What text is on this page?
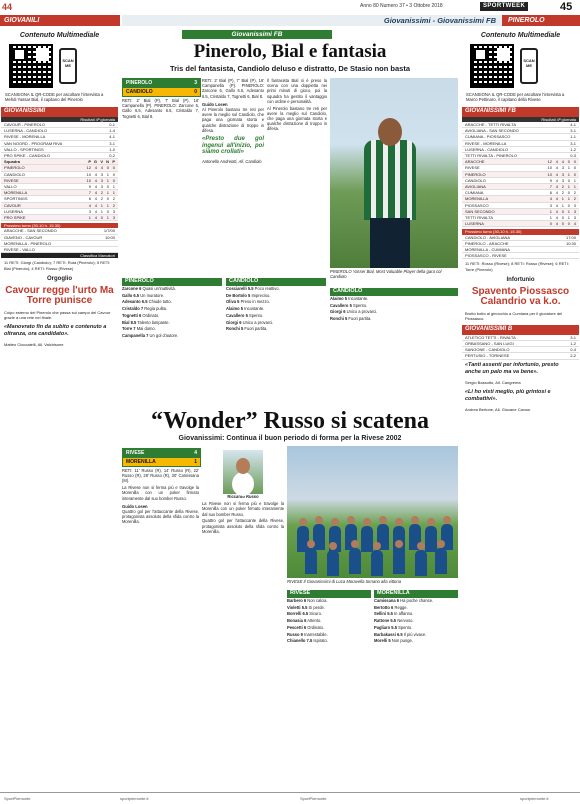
44	Anno 80 Numero 37 • 3 Ottobre 2018	SPORTWEEK	45
GIOVANILI	Giovanissimi - Giovanissimi FB PINEROLO
Contenuto Multimediale
SCAN ME
SCANSIONA IL QR-CODE per ascoltare l'intervista a Mehdi Yassar Bial, il capitano del Pinerolo
GIOVANISSIMI
Risultati 4ª giornata
CAVOUR - PINEROLO	0-1
LUSERNA - CANDIOLO	1-4
RIVESE - MORENILLA	4-1
VAN NOORD - PROGRAM RIVA	3-1
VALLO - SPORTINGS	1-0
PRO SPIKE - CANDIOLO	0-2
Squadra	P G V N P
PINEROLO	12 4 4 0 0
CANDIOLO	10 4 3 1 0
RIVESE	10 4 3 1 0
VALLO	9 4 3 0 1
MORENILLA	7 4 2 1 1
SPORTINGS	6 4 2 0 2
CAVOUR	4 4 1 1 2
LUSERNA	3 4 1 0 3
PRO SPIKE	1 4 0 1 3
Prossimo turno (30-10 h. 15.30)
ARACCHE - SAN SECONDO	1/7/00
GIAVENO - CAVOUR	10:00
MORENILLA - PINEROLO
RIVESE - VALLO
Classifica Marcatori
11 RETI: Giorgi (Candiolo); 7 RETI: Ruta (Pinerolo); 5 RETI: Bial (Pinerolo); 4 RETI: Rosso (Rivese)
Orgoglio
Cavour regge l'urto Ma Torre punisce
Colpo esterno del Pinerolo che passa sul campo del Cavour grazie a una rete nel finale.
«Manovrato fin da subito e contenuto a oltranza, ora candidato».
Matteo Cioccatelli, All. Valchisone
Giovanissimi FB
Pinerolo, Bial e fantasia
Tris del fantasista, Candiolo deluso e distratto, De Stasio non basta
PINEROLO	3
CANDIOLO	0

RETI: 2' Bial (P), 7' Bial (P), 16' Campanella (P). PINEROLO: Zarcone 6, Gallo 6.5, Adesanto 6.5, Cristaldo 7, Tognetti 6, Bial 8.

RETI: 2' Bial (P), 7' Bial (P), 16' Campanella (P). PINEROLO: Zarcone 6, Gallo 6.5, Adesanto 6.5, Cristaldo 7, Tognetti 6, Bial 8.

Guido Losen

Al Pinerolo bastano tre reti per avere la meglio sul Candiolo, che paga una giornata storta e qualche distrazione di troppo in difesa.

«Presto due gol ingenui all'inizio, poi siamo crollati»

Antonello Andreotti, All. Candiolo

Il fantasista Bial si è preso la scena con una doppietta nei primi minuti di gioco, poi la squadra ha gestito il vantaggio con ordine e personalità.

Al Pinerolo bastano tre reti per avere la meglio sul Candiolo, che paga una giornata storta e qualche distrazione di troppo in difesa.

PINEROLO Yasser Bial, Most Valuable Player della gara col Candiolo
PINEROLO

Zarcone 6 Quasi un'inattività.

Gallo 6.5 Un muratore.

Adesanto 6.5 Chiude tutto.

Cristaldo 7 Regia pulita.

Tognetti 6 Ordinato.

Bial 8.5 Talento lampante.

Torre 7 Mai domo.

Campanella 7 Un gol d'autore.

CANDIOLO

Cosciarelli 5.5 Poco reattivo.

De Bortolo 5 Impreciso.

Oliva 5 Preso in mezzo.

Alaimo 5 Incostante.

Cavallero 5 Spento.

Giorgi 6 Unico a provarci.

Ronchi 5 Fuori partita.

CANDIOLO

Alaimo 5 Incostante.

Cavallero 5 Spento.

Giorgi 6 Unico a provarci.

Ronchi 5 Fuori partita.

“Wonder” Russo si scatena
Giovanissimi: Continua il buon periodo di forma per la Rivese 2002
RIVESE	4
MORENILLA	1

RETI: 11' Russo (R), 14' Russo (R), 22' Russo (R), 28' Russo (R), 30' Camissana (M).

La Rivese non si ferma più e travolge la Morenilla con un poker firmato interamente dal suo bomber Russo.

Guido Losen

Quattro gol per l'attaccante della Rivese, protagonista assoluto della sfida contro la Morenilla.

Riccardo Russo

La Rivese non si ferma più e travolge la Morenilla con un poker firmato interamente dal suo bomber Russo.

Quattro gol per l'attaccante della Rivese, protagonista assoluto della sfida contro la Morenilla.

RIVESE Il Giovanissimi di Luca Moravella tornano alla vittoria
RIVESE

Barbero 6 Non calcia.

Violetti 5.5 Si perde.

Borrelli 6.5 Sicuro.

Bonasia 6 Attento.

Pescetti 6 Ordinato.

Russo 9 Inarrestabile.

Chianello 7.5 Ispirato.

MORENILLA

Camissana 6 Ha poche chance.

Bertotto 6 Regge.

Sellini 5.5 In affanno.

Rattone 5.5 Nervoso.

Pagliaro 5.5 Spento.

Barbakassi 6.5 Il più vivace.

Morelli 5 Non punge.

Contenuto Multimediale
SCAN ME
SCANSIONA IL QR-CODE per ascoltare l'intervista a Marco Pettinaro, il capitano della Rivese
GIOVANISSIMI FB
Risultati 4ª giornata
ARACCHE - TETTI RIVALTA	4-1
AVIGLIANA - SAN SECONDO	3-1
CUMIANA - PIOSSASCO	1-1
RIVESE - MORENILLA	3-1
LUSERNA - CANDIOLO	1-2
TETTI RIVALTA - PINEROLO	0-3
ARACCHE	12 4 4 0 0
RIVESE	10 4 3 1 0
PINEROLO	10 4 3 1 0
CANDIOLO	9 4 3 0 1
AVIGLIANA	7 4 2 1 1
CUMIANA	6 4 2 0 2
MORENILLA	4 4 1 1 2
PIOSSASCO	3 4 1 0 3
SAN SECONDO	1 4 0 1 3
TETTI RIVALTA	1 4 0 1 3
LUSERNA	0 4 0 0 4
Prossimo turno (30-10 h. 15.30)
CANDIOLO - AVIGLIANA	17:00
PINEROLO - ARACCHE	10:30
MORENILLA - CUMIANA
PIOSSASCO - RIVESE
11 RETI: Rosso (Rivese); 8 RETI: Russo (Rivese); 6 RETI: Torre (Pinerolo)
Infortunio
Spavento Piossasco Calandrio va k.o.
Brutto botto al ginocchio a Cumiana per il giocatore del Piossasco.
GIOVANISSIMI B
ATLETICO TETTI - RIVALTA	3-1
ORBASSANO - SAN LUIGI	1-2
SANGONE - CANDIOLO	0-4
PERTUSIO - TORINESE	2-2
«Tanti assenti per infortunio, presto anche un palo ma va bene».
Sergio Bassotto, All. Cangrema
«Li ho visti meglio, più grintosi e combattivi».
Andrea Bertone, All. Giovane Cavour
SportPiemonte	sportpiemonte.it	SportPiemonte	sportpiemonte.it
